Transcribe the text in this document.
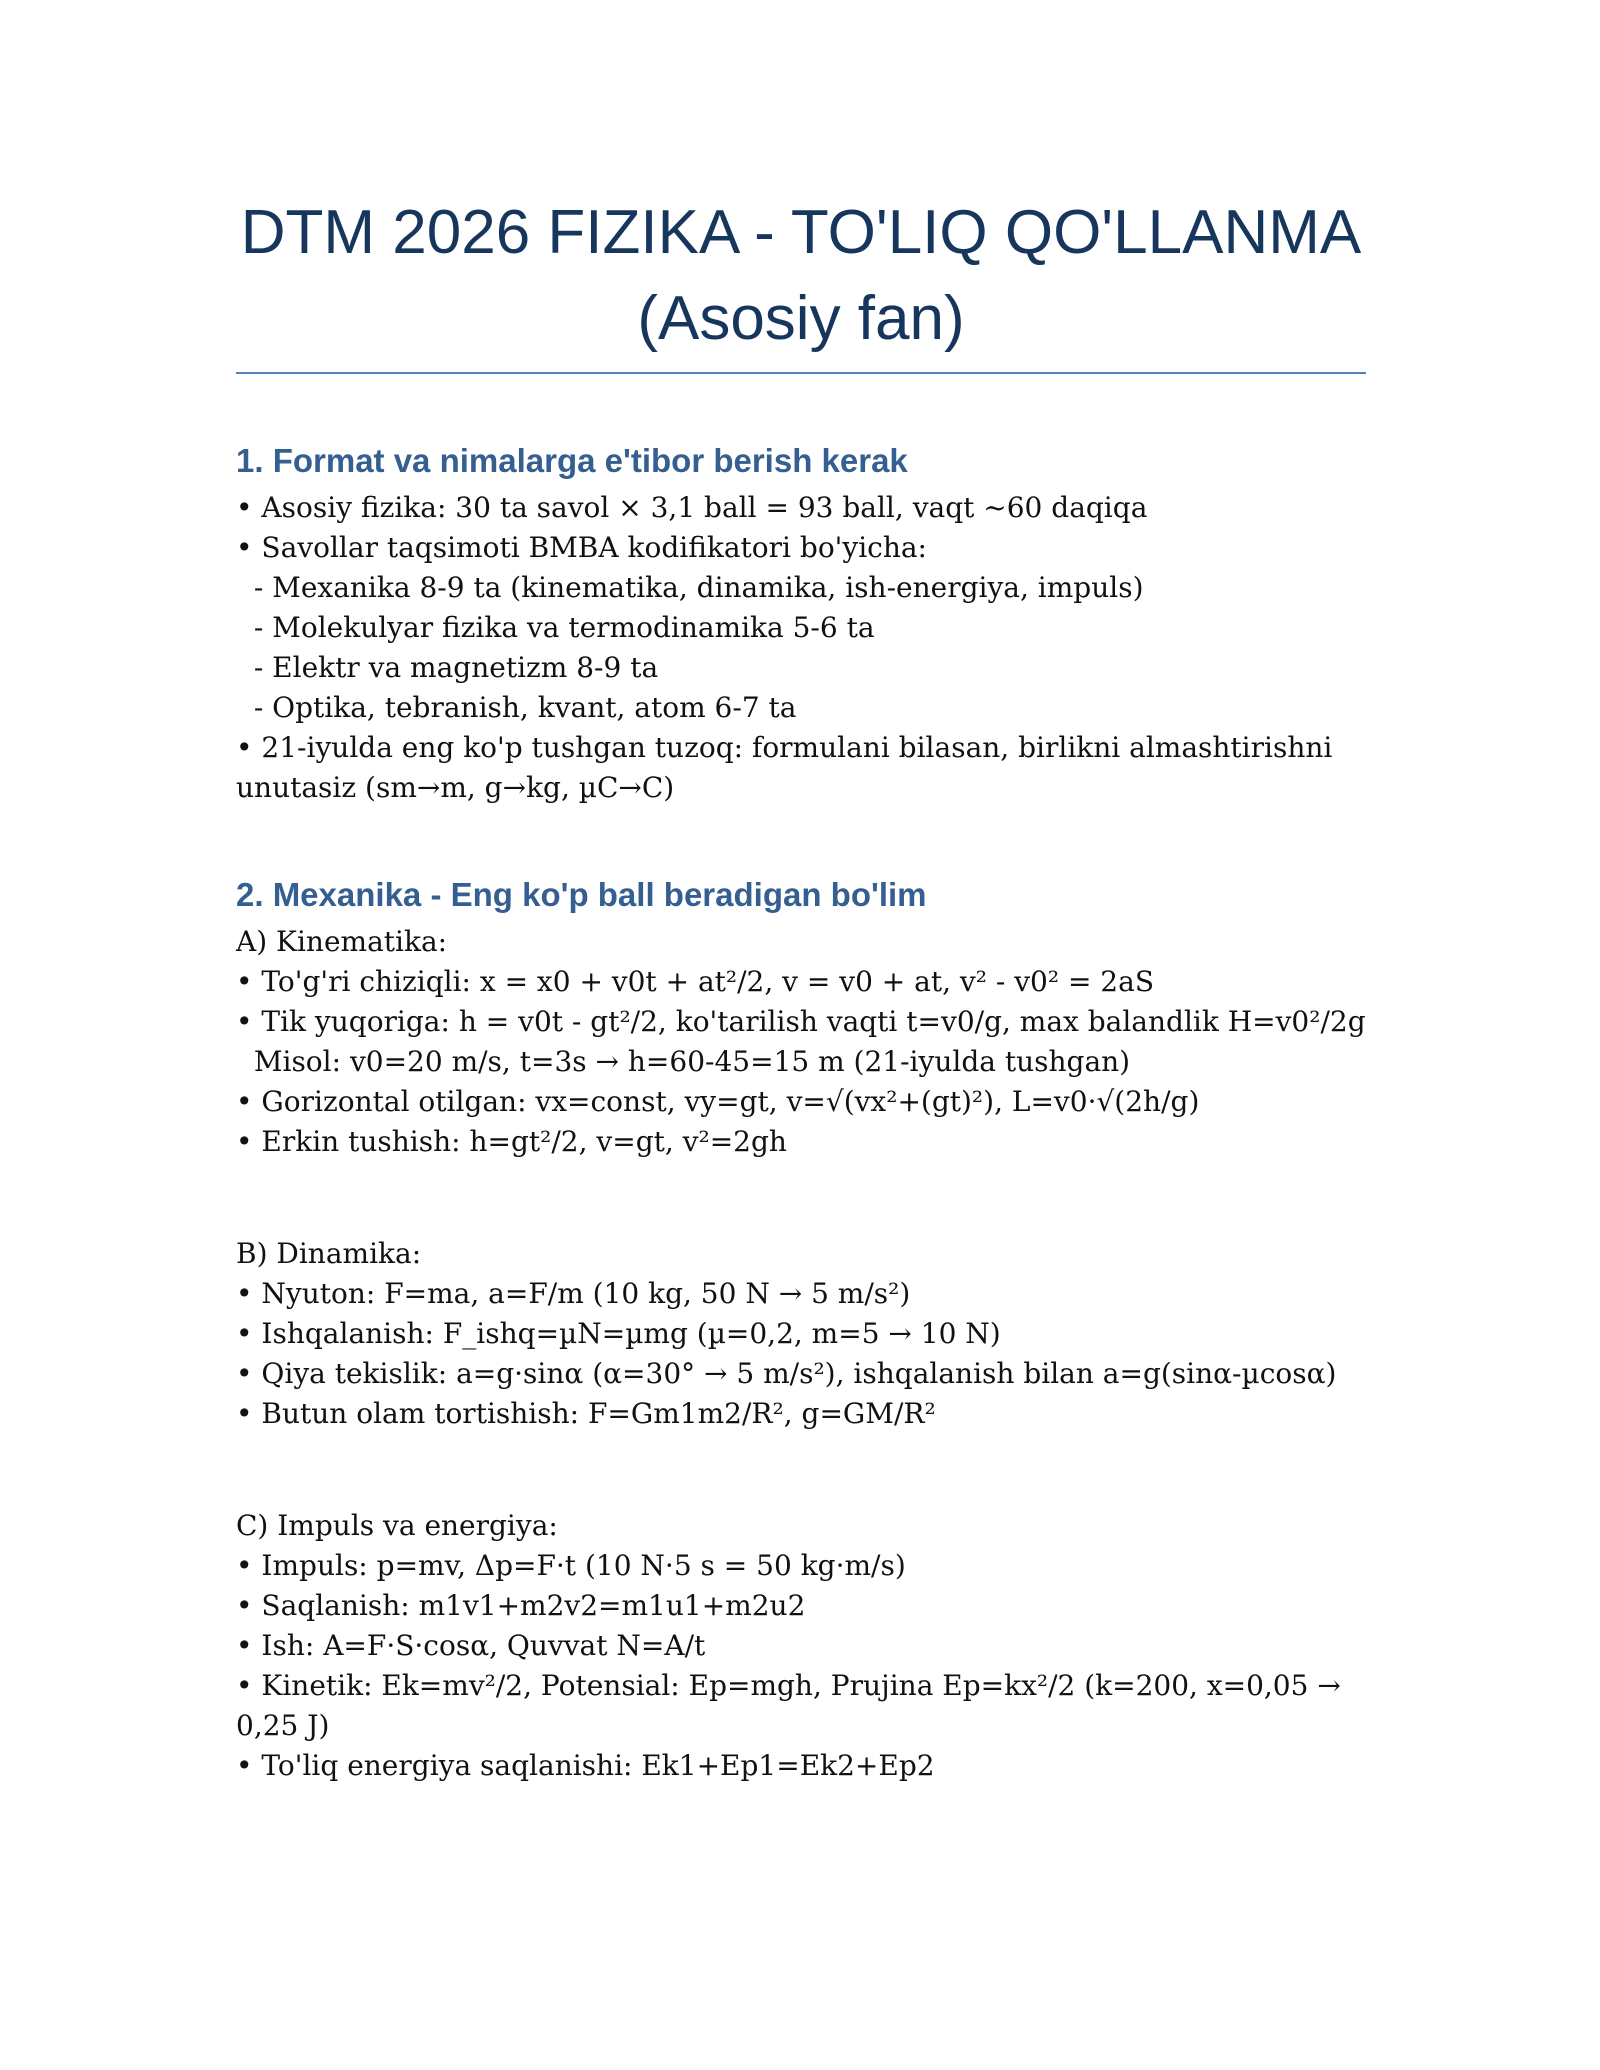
DTM 2026 FIZIKA - TO'LIQ QO'LLANMA
(Asosiy fan)
1. Format va nimalarga e'tibor berish kerak

• Asosiy fizika: 30 ta savol × 3,1 ball = 93 ball, vaqt ~60 daqiqa

• Savollar taqsimoti BMBA kodifikatori bo'yicha:

- Mexanika 8-9 ta (kinematika, dinamika, ish-energiya, impuls)

- Molekulyar fizika va termodinamika 5-6 ta

- Elektr va magnetizm 8-9 ta

- Optika, tebranish, kvant, atom 6-7 ta

• 21-iyulda eng ko'p tushgan tuzoq: formulani bilasan, birlikni almashtirishni unutasiz (sm→m, g→kg, µC→C)

2. Mexanika - Eng ko'p ball beradigan bo'lim

A) Kinematika:

• To'g'ri chiziqli: x = x0 + v0t + at²/2, v = v0 + at, v² - v0² = 2aS

• Tik yuqoriga: h = v0t - gt²/2, ko'tarilish vaqti t=v0/g, max balandlik H=v0²/2g

Misol: v0=20 m/s, t=3s → h=60-45=15 m (21-iyulda tushgan)

• Gorizontal otilgan: vx=const, vy=gt, v=√(vx²+(gt)²), L=v0·√(2h/g)

• Erkin tushish: h=gt²/2, v=gt, v²=2gh

B) Dinamika:

• Nyuton: F=ma, a=F/m (10 kg, 50 N → 5 m/s²)

• Ishqalanish: F_ishq=µN=µmg (µ=0,2, m=5 → 10 N)

• Qiya tekislik: a=g·sinα (α=30° → 5 m/s²), ishqalanish bilan a=g(sinα-µcosα)

• Butun olam tortishish: F=Gm1m2/R², g=GM/R²

C) Impuls va energiya:

• Impuls: p=mv, Δp=F·t (10 N·5 s = 50 kg·m/s)

• Saqlanish: m1v1+m2v2=m1u1+m2u2

• Ish: A=F·S·cosα, Quvvat N=A/t

• Kinetik: Ek=mv²/2, Potensial: Ep=mgh, Prujina Ep=kx²/2 (k=200, x=0,05 → 0,25 J)

• To'liq energiya saqlanishi: Ek1+Ep1=Ek2+Ep2
